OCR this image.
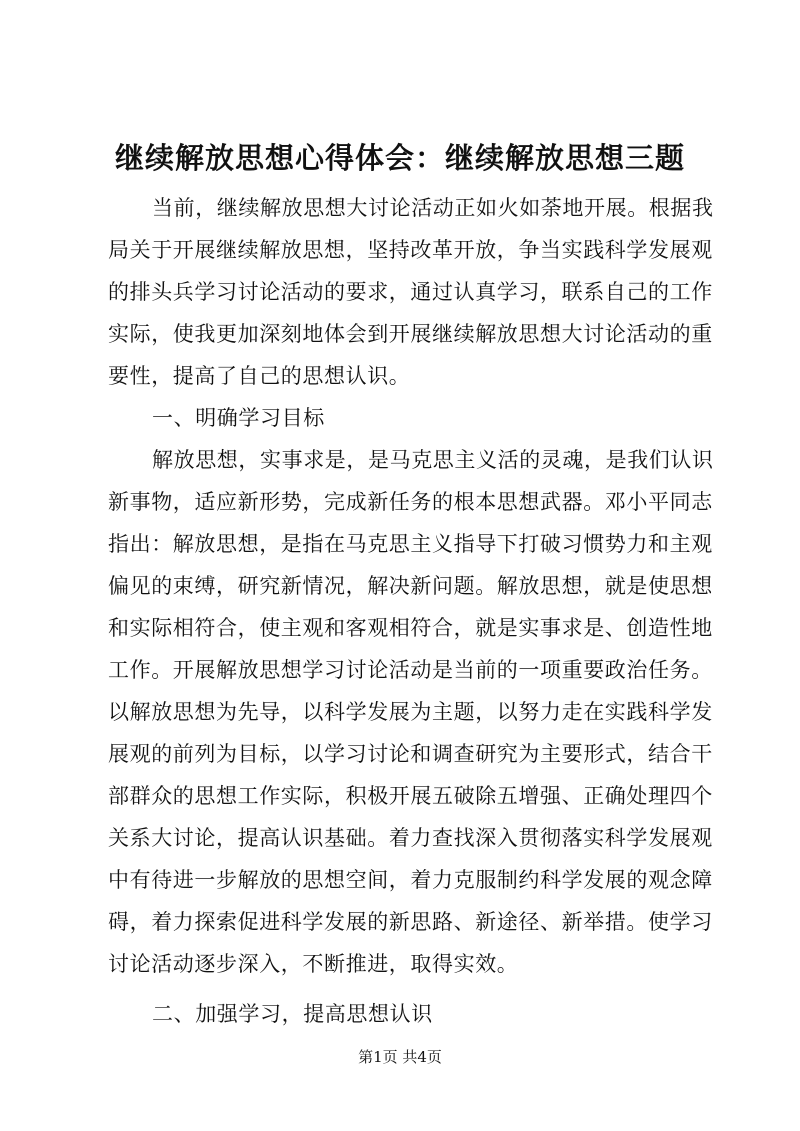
继续解放思想心得体会：继续解放思想三题
当前，继续解放思想大讨论活动正如火如荼地开展。根据我
局关于开展继续解放思想，坚持改革开放，争当实践科学发展观
的排头兵学习讨论活动的要求，通过认真学习，联系自己的工作
实际，使我更加深刻地体会到开展继续解放思想大讨论活动的重
要性，提高了自己的思想认识。
一、明确学习目标
解放思想，实事求是，是马克思主义活的灵魂，是我们认识
新事物，适应新形势，完成新任务的根本思想武器。邓小平同志
指出：解放思想，是指在马克思主义指导下打破习惯势力和主观
偏见的束缚，研究新情况，解决新问题。解放思想，就是使思想
和实际相符合，使主观和客观相符合，就是实事求是、创造性地
工作。开展解放思想学习讨论活动是当前的一项重要政治任务。
以解放思想为先导，以科学发展为主题，以努力走在实践科学发
展观的前列为目标，以学习讨论和调查研究为主要形式，结合干
部群众的思想工作实际，积极开展五破除五增强、正确处理四个
关系大讨论，提高认识基础。着力查找深入贯彻落实科学发展观
中有待进一步解放的思想空间，着力克服制约科学发展的观念障
碍，着力探索促进科学发展的新思路、新途径、新举措。使学习
讨论活动逐步深入，不断推进，取得实效。
二、加强学习，提高思想认识
第1页 共4页
